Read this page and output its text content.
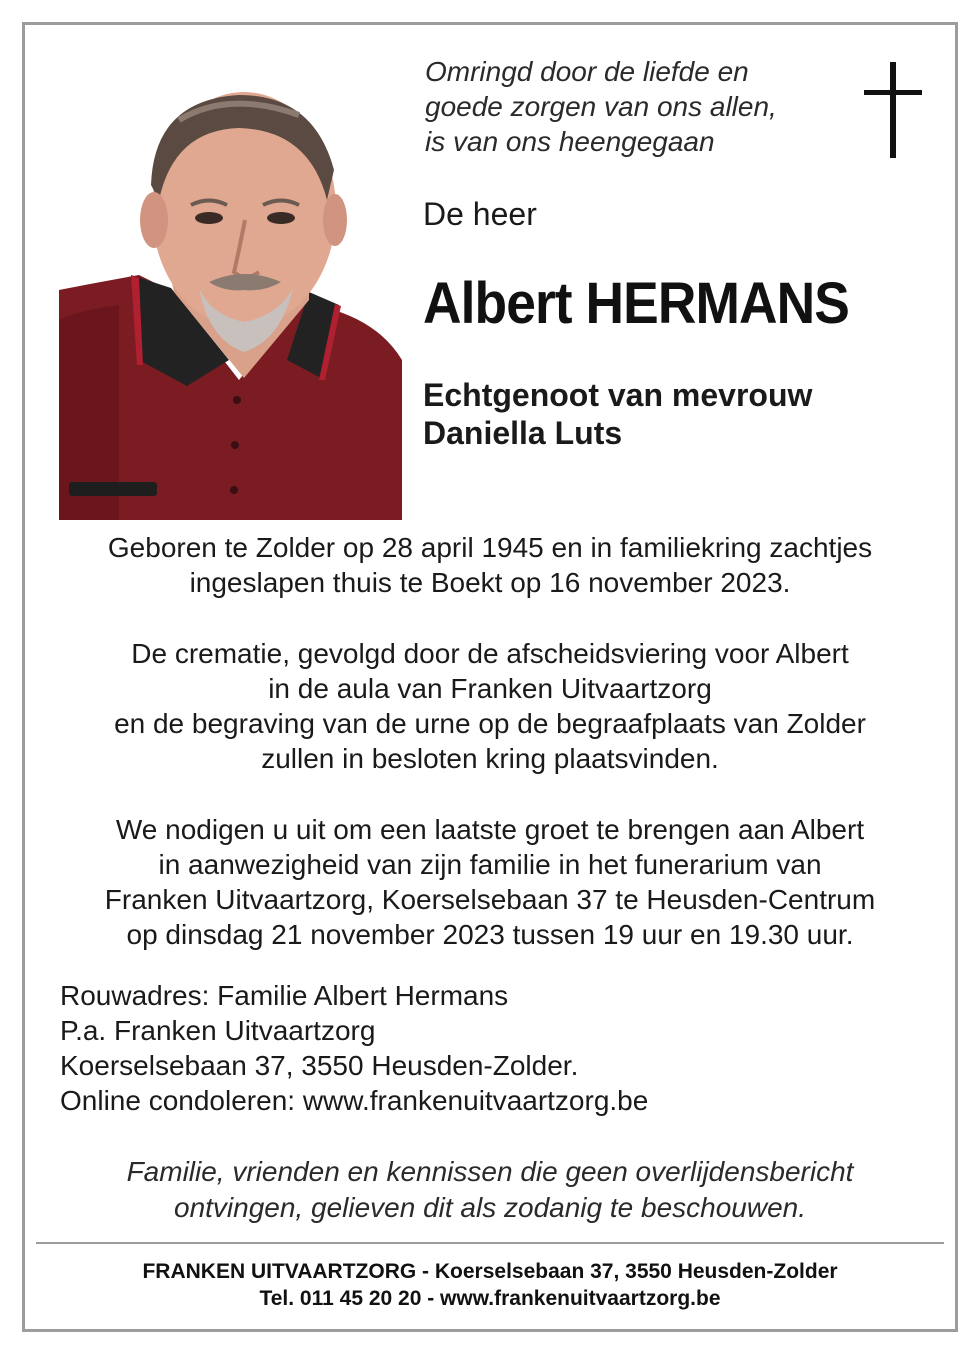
Omringd door de liefde en
goede zorgen van ons allen,
is van ons heengegaan
De heer
Albert HERMANS
Echtgenoot van mevrouw
Daniella Luts
Geboren te Zolder op 28 april 1945 en in familiekring zachtjes
ingeslapen thuis te Boekt op 16 november 2023.
De crematie, gevolgd door de afscheidsviering voor Albert
in de aula van Franken Uitvaartzorg
en de begraving van de urne op de begraafplaats van Zolder
zullen in besloten kring plaatsvinden.
We nodigen u uit om een laatste groet te brengen aan Albert
in aanwezigheid van zijn familie in het funerarium van
Franken Uitvaartzorg, Koerselsebaan 37 te Heusden-Centrum
op dinsdag 21 november 2023 tussen 19 uur en 19.30 uur.
Rouwadres: Familie Albert Hermans
P.a. Franken Uitvaartzorg
Koerselsebaan 37, 3550 Heusden-Zolder.
Online condoleren: www.frankenuitvaartzorg.be
Familie, vrienden en kennissen die geen overlijdensbericht
ontvingen, gelieven dit als zodanig te beschouwen.
FRANKEN UITVAARTZORG - Koerselsebaan 37, 3550 Heusden-Zolder
Tel. 011 45 20 20 - www.frankenuitvaartzorg.be
